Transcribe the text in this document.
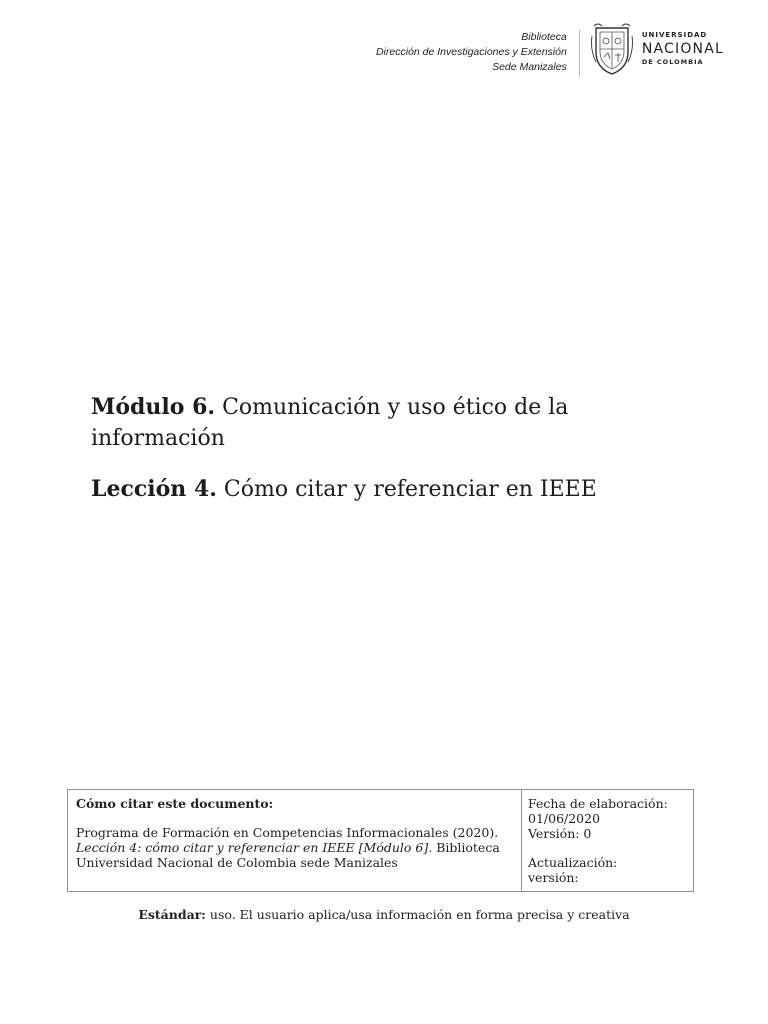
Biblioteca
Dirección de Investigaciones y Extensión
Sede Manizales
UNIVERSIDAD
NACIONAL
DE COLOMBIA
Módulo 6. Comunicación y uso ético de la información
Lección 4. Cómo citar y referenciar en IEEE
Cómo citar este documento:
Programa de Formación en Competencias Informacionales (2020). Lección 4: cómo citar y referenciar en IEEE [Módulo 6]. Biblioteca Universidad Nacional de Colombia sede Manizales
Fecha de elaboración:
01/06/2020
Versión: 0
Actualización:
versión:
Estándar: uso. El usuario aplica/usa información en forma precisa y creativa
